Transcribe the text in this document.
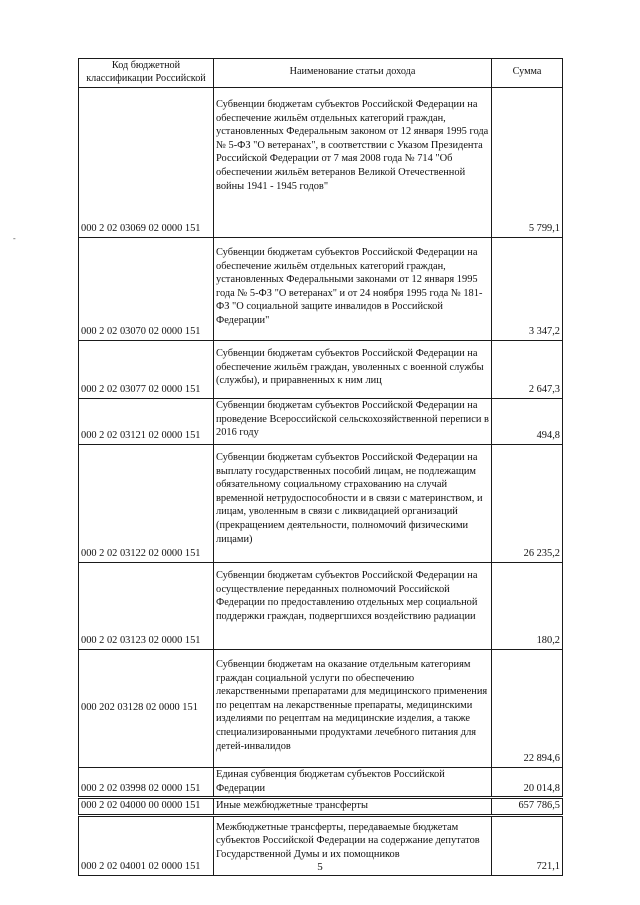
-
Код бюджетной классификации Российской	Наименование статьи дохода	Сумма
000 2 02 03069 02 0000 151	Субвенции бюджетам субъектов Российской Федерации на обеспечение жильём отдельных категорий граждан, установленных Федеральным законом от 12 января 1995 года № 5-ФЗ "О ветеранах", в соответствии с Указом Президента Российской Федерации от 7 мая 2008 года № 714 "Об обеспечении жильём ветеранов Великой Отечественной войны 1941 - 1945 годов"	5 799,1
000 2 02 03070 02 0000 151	Субвенции бюджетам субъектов Российской Федерации на обеспечение жильём отдельных категорий граждан, установленных Федеральными законами от 12 января 1995 года № 5-ФЗ "О ветеранах" и от 24 ноября 1995 года № 181-ФЗ "О социальной защите инвалидов в Российской Федерации"	3 347,2
000 2 02 03077 02 0000 151	Субвенции бюджетам субъектов Российской Федерации на обеспечение жильём граждан, уволенных с военной службы (службы), и приравненных к ним лиц	2 647,3
000 2 02 03121 02 0000 151	Субвенции бюджетам субъектов Российской Федерации на проведение Всероссийской сельскохозяйственной переписи в 2016 году	494,8
000 2 02 03122 02 0000 151	Субвенции бюджетам субъектов Российской Федерации на выплату государственных пособий лицам, не подлежащим обязательному социальному страхованию на случай временной нетрудоспособности и в связи с материнством, и лицам, уволенным в связи с ликвидацией организаций (прекращением деятельности, полномочий физическими лицами)	26 235,2
000 2 02 03123 02 0000 151	Субвенции бюджетам субъектов Российской Федерации на осуществление переданных полномочий Российской Федерации по предоставлению отдельных мер социальной поддержки граждан, подвергшихся воздействию радиации	180,2
000 202 03128 02 0000 151	Субвенции бюджетам на оказание отдельным категориям граждан социальной услуги по обеспечению лекарственными препаратами для медицинского применения по рецептам на лекарственные препараты, медицинскими изделиями по рецептам на медицинские изделия, а также специализированными продуктами лечебного питания для детей-инвалидов	22 894,6
000 2 02 03998 02 0000 151	Единая субвенция бюджетам субъектов Российской Федерации	20 014,8
000 2 02 04000 00 0000 151	Иные межбюджетные трансферты	657 786,5
000 2 02 04001 02 0000 151	Межбюджетные трансферты, передаваемые бюджетам субъектов Российской Федерации на содержание депутатов Государственной Думы и их помощников	721,1
5
